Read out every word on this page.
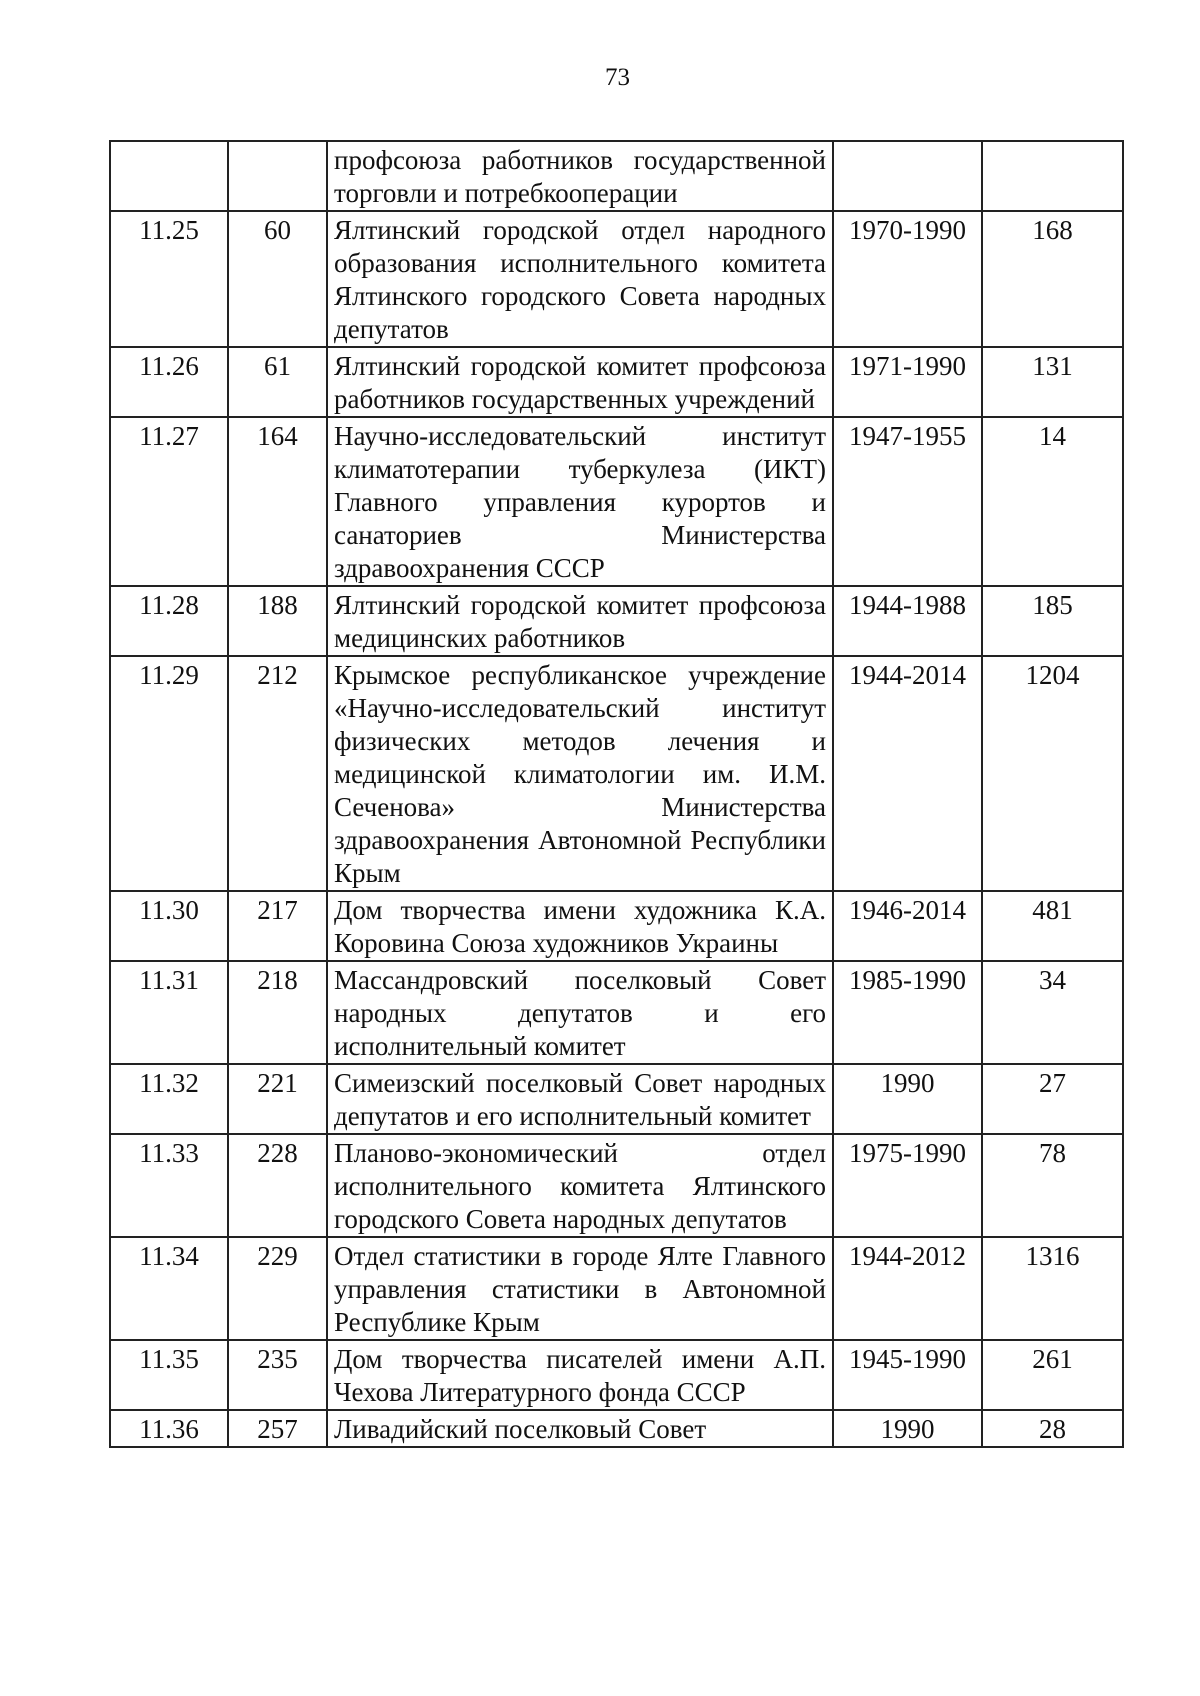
73
		профсоюза работников государственной торговли и потребкооперации		
11.25	60	Ялтинский городской отдел народного образования исполнительного комитета Ялтинского городского Совета народных депутатов	1970-1990	168
11.26	61	Ялтинский городской комитет профсоюза работников государственных учреждений	1971-1990	131
11.27	164	Научно-исследовательский институт климатотерапии туберкулеза (ИКТ) Главного управления курортов и санаториев Министерства здравоохранения СССР	1947-1955	14
11.28	188	Ялтинский городской комитет профсоюза медицинских работников	1944-1988	185
11.29	212	Крымское республиканское учреждение «Научно-исследовательский институт физических методов лечения и медицинской климатологии им. И.М. Сеченова» Министерства здравоохранения Автономной Республики Крым	1944-2014	1204
11.30	217	Дом творчества имени художника К.А. Коровина Союза художников Украины	1946-2014	481
11.31	218	Массандровский поселковый Совет народных депутатов и его исполнительный комитет	1985-1990	34
11.32	221	Симеизский поселковый Совет народных депутатов и его исполнительный комитет	1990	27
11.33	228	Планово-экономический отдел исполнительного комитета Ялтинского городского Совета народных депутатов	1975-1990	78
11.34	229	Отдел статистики в городе Ялте Главного управления статистики в Автономной Республике Крым	1944-2012	1316
11.35	235	Дом творчества писателей имени А.П. Чехова Литературного фонда СССР	1945-1990	261
11.36	257	Ливадийский поселковый Совет	1990	28
